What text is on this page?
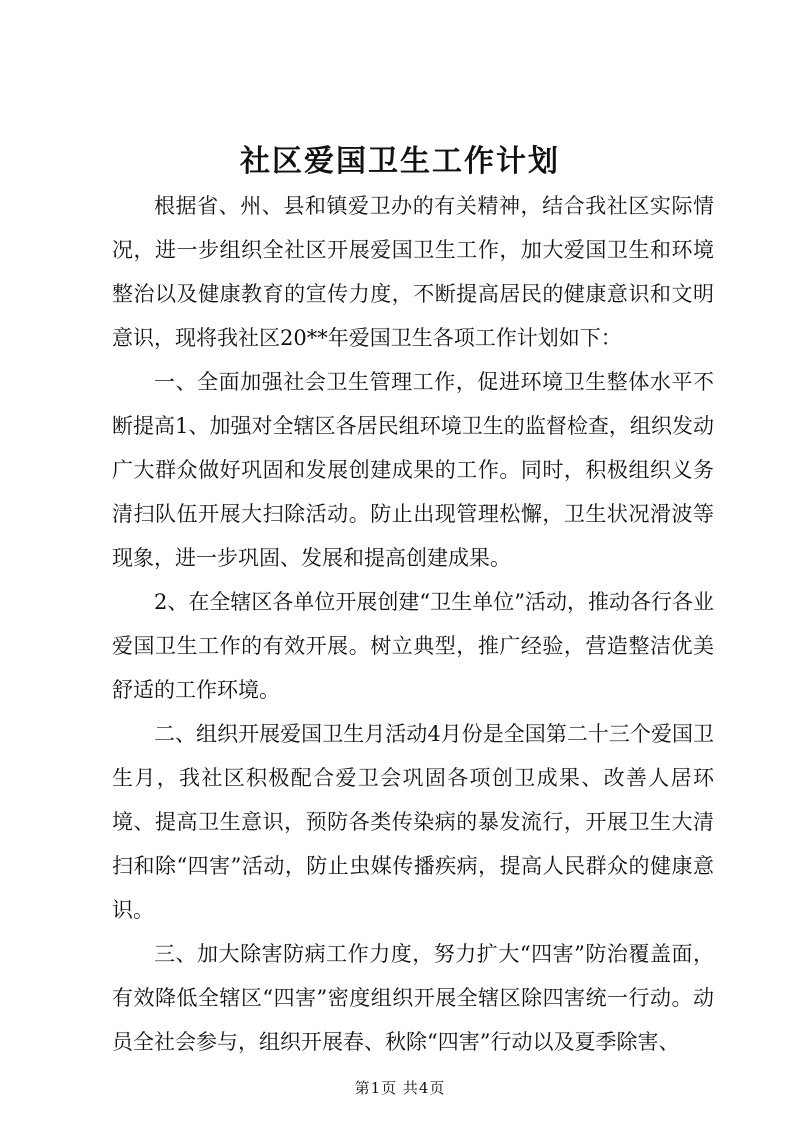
社区爱国卫生工作计划

根据省、州、县和镇爱卫办的有关精神，结合我社区实际情况，进一步组织全社区开展爱国卫生工作，加大爱国卫生和环境整治以及健康教育的宣传力度，不断提高居民的健康意识和文明意识，现将我社区20**年爱国卫生各项工作计划如下：

一、全面加强社会卫生管理工作，促进环境卫生整体水平不断提高1、加强对全辖区各居民组环境卫生的监督检查，组织发动广大群众做好巩固和发展创建成果的工作。同时，积极组织义务清扫队伍开展大扫除活动。防止出现管理松懈，卫生状况滑波等现象，进一步巩固、发展和提高创建成果。

2、在全辖区各单位开展创建“卫生单位”活动，推动各行各业爱国卫生工作的有效开展。树立典型，推广经验，营造整洁优美舒适的工作环境。

二、组织开展爱国卫生月活动4月份是全国第二十三个爱国卫生月，我社区积极配合爱卫会巩固各项创卫成果、改善人居环境、提高卫生意识，预防各类传染病的暴发流行，开展卫生大清扫和除“四害”活动，防止虫媒传播疾病，提高人民群众的健康意识。

三、加大除害防病工作力度，努力扩大“四害”防治覆盖面，有效降低全辖区“四害”密度组织开展全辖区除四害统一行动。动员全社会参与，组织开展春、秋除“四害”行动以及夏季除害、

第1页 共4页
